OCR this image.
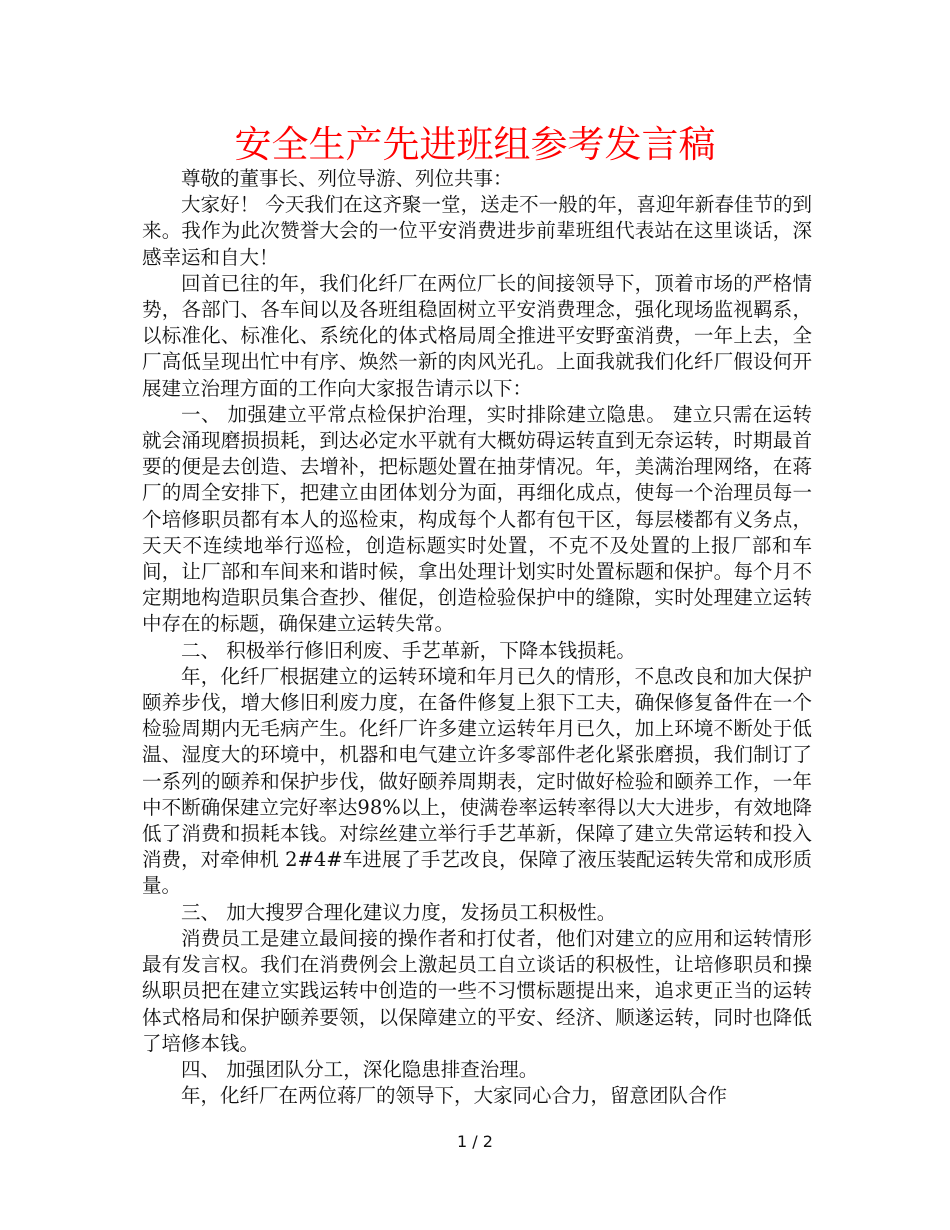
安全生产先进班组参考发言稿

尊敬的董事长、列位导游、列位共事：

大家好！ 今天我们在这齐聚一堂，送走不一般的年，喜迎年新春佳节的到来。我作为此次赞誉大会的一位平安消费进步前辈班组代表站在这里谈话，深感幸运和自大！

回首已往的年，我们化纤厂在两位厂长的间接领导下，顶着市场的严格情势，各部门、各车间以及各班组稳固树立平安消费理念，强化现场监视羁系，以标准化、标准化、系统化的体式格局周全推进平安野蛮消费，一年上去，全厂高低呈现出忙中有序、焕然一新的肉风光孔。上面我就我们化纤厂假设何开展建立治理方面的工作向大家报告请示以下：

一、 加强建立平常点检保护治理，实时排除建立隐患。 建立只需在运转就会涌现磨损损耗，到达必定水平就有大概妨碍运转直到无奈运转，时期最首要的便是去创造、去增补，把标题处置在抽芽情况。年，美满治理网络，在蒋厂的周全安排下，把建立由团体划分为面，再细化成点，使每一个治理员每一个培修职员都有本人的巡检束，构成每个人都有包干区，每层楼都有义务点，天天不连续地举行巡检，创造标题实时处置，不克不及处置的上报厂部和车间，让厂部和车间来和谐时候，拿出处理计划实时处置标题和保护。每个月不定期地构造职员集合查抄、催促，创造检验保护中的缝隙，实时处理建立运转中存在的标题，确保建立运转失常。

二、 积极举行修旧利废、手艺革新，下降本钱损耗。

年，化纤厂根据建立的运转环境和年月已久的情形，不息改良和加大保护颐养步伐，增大修旧利废力度，在备件修复上狠下工夫，确保修复备件在一个检验周期内无毛病产生。化纤厂许多建立运转年月已久，加上环境不断处于低温、湿度大的环境中，机器和电气建立许多零部件老化紧张磨损，我们制订了一系列的颐养和保护步伐，做好颐养周期表，定时做好检验和颐养工作，一年中不断确保建立完好率达98%以上，使满卷率运转率得以大大进步，有效地降低了消费和损耗本钱。对综丝建立举行手艺革新，保障了建立失常运转和投入消费，对牵伸机 2#4#车进展了手艺改良，保障了液压装配运转失常和成形质量。

三、 加大搜罗合理化建议力度，发扬员工积极性。

消费员工是建立最间接的操作者和打仗者，他们对建立的应用和运转情形最有发言权。我们在消费例会上激起员工自立谈话的积极性，让培修职员和操纵职员把在建立实践运转中创造的一些不习惯标题提出来，追求更正当的运转体式格局和保护颐养要领，以保障建立的平安、经济、顺遂运转，同时也降低了培修本钱。

四、 加强团队分工，深化隐患排查治理。

年，化纤厂在两位蒋厂的领导下，大家同心合力，留意团队合作

1 / 2
